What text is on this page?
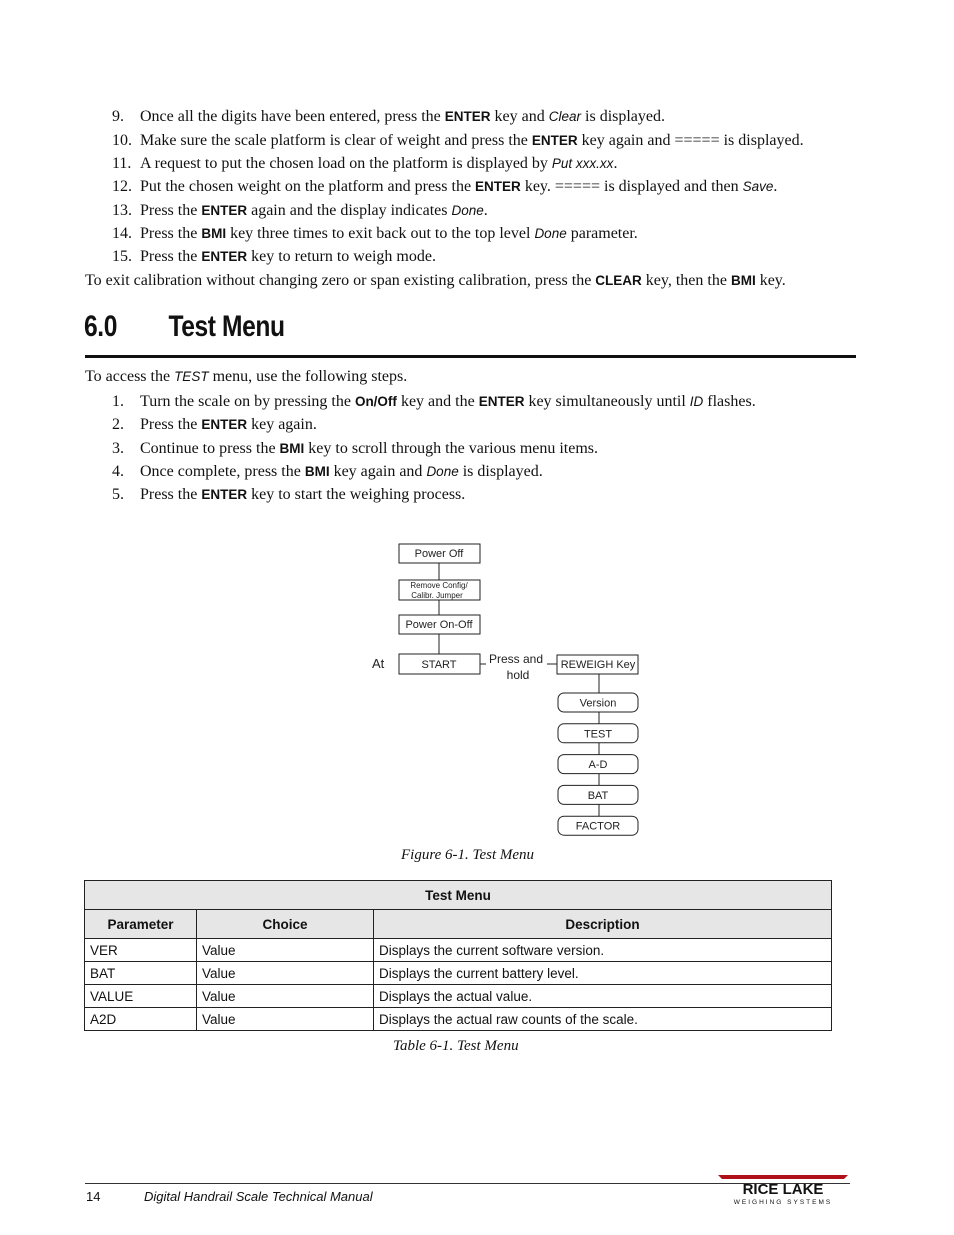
9. Once all the digits have been entered, press the ENTER key and Clear is displayed.
10. Make sure the scale platform is clear of weight and press the ENTER key again and ===== is displayed.
11. A request to put the chosen load on the platform is displayed by Put xxx.xx.
12. Put the chosen weight on the platform and press the ENTER key. ===== is displayed and then Save.
13. Press the ENTER again and the display indicates Done.
14. Press the BMI key three times to exit back out to the top level Done parameter.
15. Press the ENTER key to return to weigh mode.
To exit calibration without changing zero or span existing calibration, press the CLEAR key, then the BMI key.
6.0 Test Menu
To access the TEST menu, use the following steps.
1. Turn the scale on by pressing the On/Off key and the ENTER key simultaneously until ID flashes.
2. Press the ENTER key again.
3. Continue to press the BMI key to scroll through the various menu items.
4. Once complete, press the BMI key again and Done is displayed.
5. Press the ENTER key to start the weighing process.
Power Off
Remove Config/
Calibr. Jumper
Power On-Off
At	START	Press and
hold
REWEIGH Key
Version
TEST
A-D
BAT
FACTOR
Figure 6-1. Test Menu
Test Menu		
Parameter	Choice	Description
VER	Value	Displays the current software version.
BAT	Value	Displays the current battery level.
VALUE	Value	Displays the actual value.
A2D	Value	Displays the actual raw counts of the scale.
Table 6-1. Test Menu
14	Digital Handrail Scale Technical Manual	RICE LAKE
WEIGHING SYSTEMS
